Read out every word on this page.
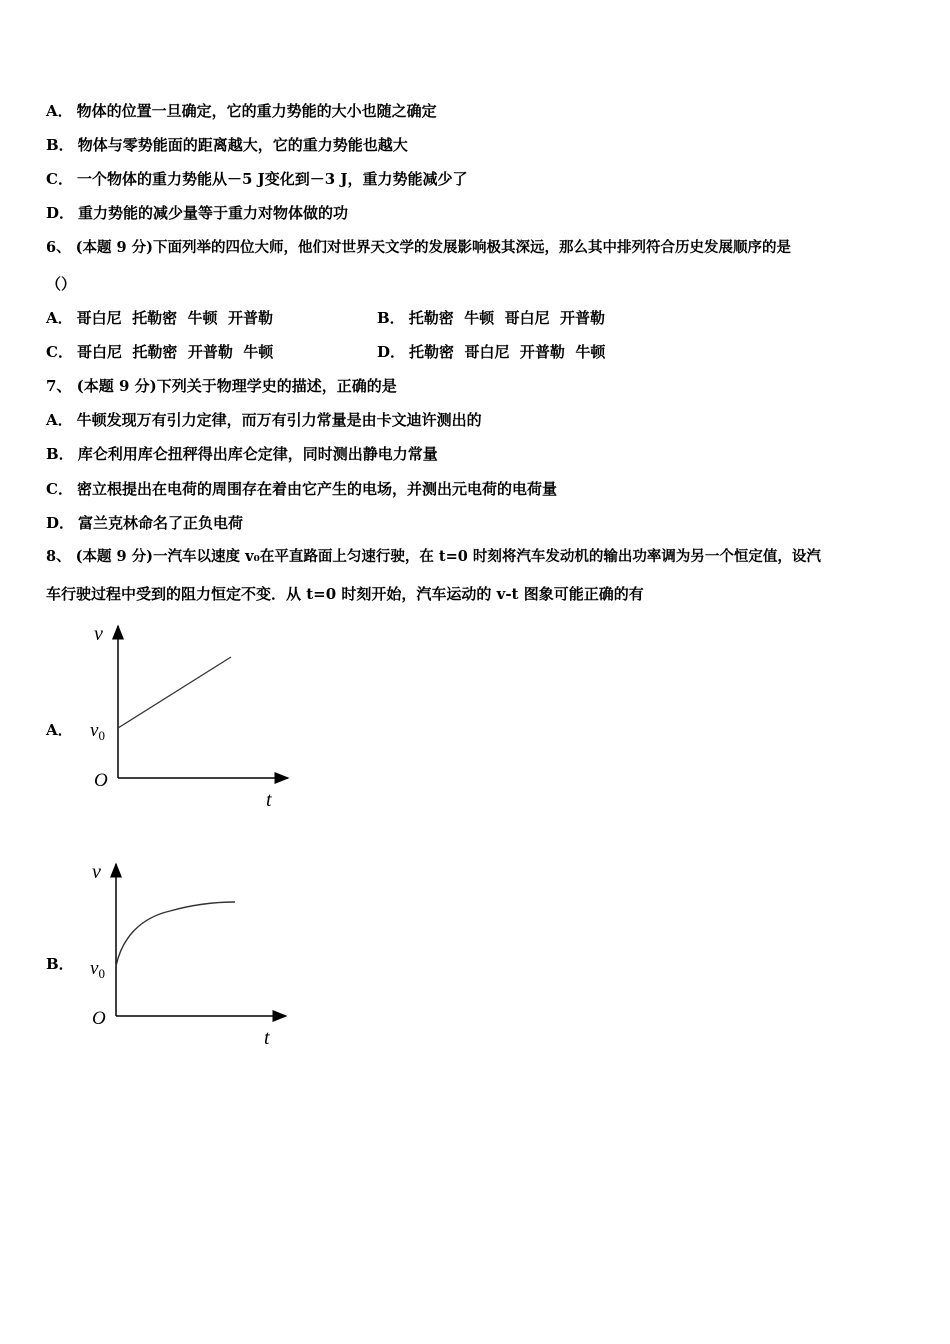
A． 物体的位置一旦确定，它的重力势能的大小也随之确定
B． 物体与零势能面的距离越大，它的重力势能也越大
C． 一个物体的重力势能从－5 J变化到－3 J，重力势能减少了
D． 重力势能的减少量等于重力对物体做的功
6、 (本题 9 分)下面列举的四位大师，他们对世界天文学的发展影响极其深远，那么其中排列符合历史发展顺序的是
（）
A． 哥白尼  托勒密  牛顿  开普勒	B． 托勒密  牛顿  哥白尼  开普勒
C． 哥白尼  托勒密  开普勒  牛顿	D． 托勒密  哥白尼  开普勒  牛顿
7、 (本题 9 分)下列关于物理学史的描述，正确的是
A． 牛顿发现万有引力定律，而万有引力常量是由卡文迪许测出的
B． 库仑利用库仑扭秤得出库仑定律，同时测出静电力常量
C． 密立根提出在电荷的周围存在着由它产生的电场，并测出元电荷的电荷量
D． 富兰克林命名了正负电荷
8、 (本题 9 分)一汽车以速度 v₀在平直路面上匀速行驶，在 t=0 时刻将汽车发动机的输出功率调为另一个恒定值，设汽
车行驶过程中受到的阻力恒定不变．从 t=0 时刻开始，汽车运动的 v-t 图象可能正确的有
A．
v
$v_0$
O
t
B．
v
$v_0$
O
t
